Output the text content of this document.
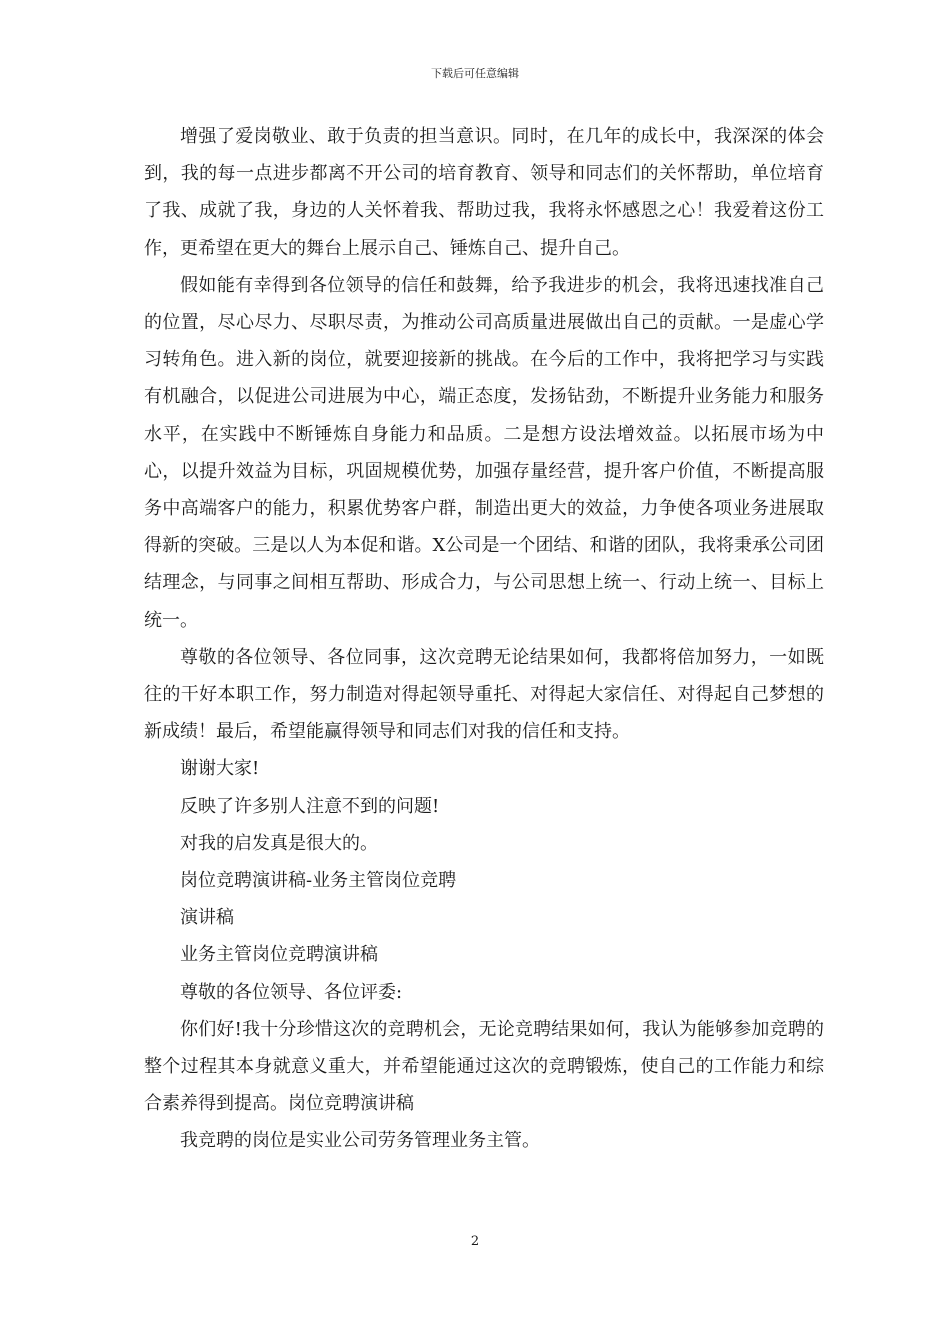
下载后可任意编辑

增强了爱岗敬业、敢于负责的担当意识。同时，在几年的成长中，我深深的体会到，我的每一点进步都离不开公司的培育教育、领导和同志们的关怀帮助，单位培育了我、成就了我，身边的人关怀着我、帮助过我，我将永怀感恩之心！我爱着这份工作，更希望在更大的舞台上展示自己、锤炼自己、提升自己。

假如能有幸得到各位领导的信任和鼓舞，给予我进步的机会，我将迅速找准自己的位置，尽心尽力、尽职尽责，为推动公司高质量进展做出自己的贡献。一是虚心学习转角色。进入新的岗位，就要迎接新的挑战。在今后的工作中，我将把学习与实践有机融合，以促进公司进展为中心，端正态度，发扬钻劲，不断提升业务能力和服务水平，在实践中不断锤炼自身能力和品质。二是想方设法增效益。以拓展市场为中心，以提升效益为目标，巩固规模优势，加强存量经营，提升客户价值，不断提高服务中高端客户的能力，积累优势客户群，制造出更大的效益，力争使各项业务进展取得新的突破。三是以人为本促和谐。X公司是一个团结、和谐的团队，我将秉承公司团结理念，与同事之间相互帮助、形成合力，与公司思想上统一、行动上统一、目标上统一。

尊敬的各位领导、各位同事，这次竞聘无论结果如何，我都将倍加努力，一如既往的干好本职工作，努力制造对得起领导重托、对得起大家信任、对得起自己梦想的新成绩！最后，希望能赢得领导和同志们对我的信任和支持。

谢谢大家!

反映了许多别人注意不到的问题!

对我的启发真是很大的。

岗位竞聘演讲稿-业务主管岗位竞聘

演讲稿

业务主管岗位竞聘演讲稿

尊敬的各位领导、各位评委:

你们好!我十分珍惜这次的竞聘机会，无论竞聘结果如何，我认为能够参加竞聘的整个过程其本身就意义重大，并希望能通过这次的竞聘锻炼，使自己的工作能力和综合素养得到提高。岗位竞聘演讲稿

我竞聘的岗位是实业公司劳务管理业务主管。

2
